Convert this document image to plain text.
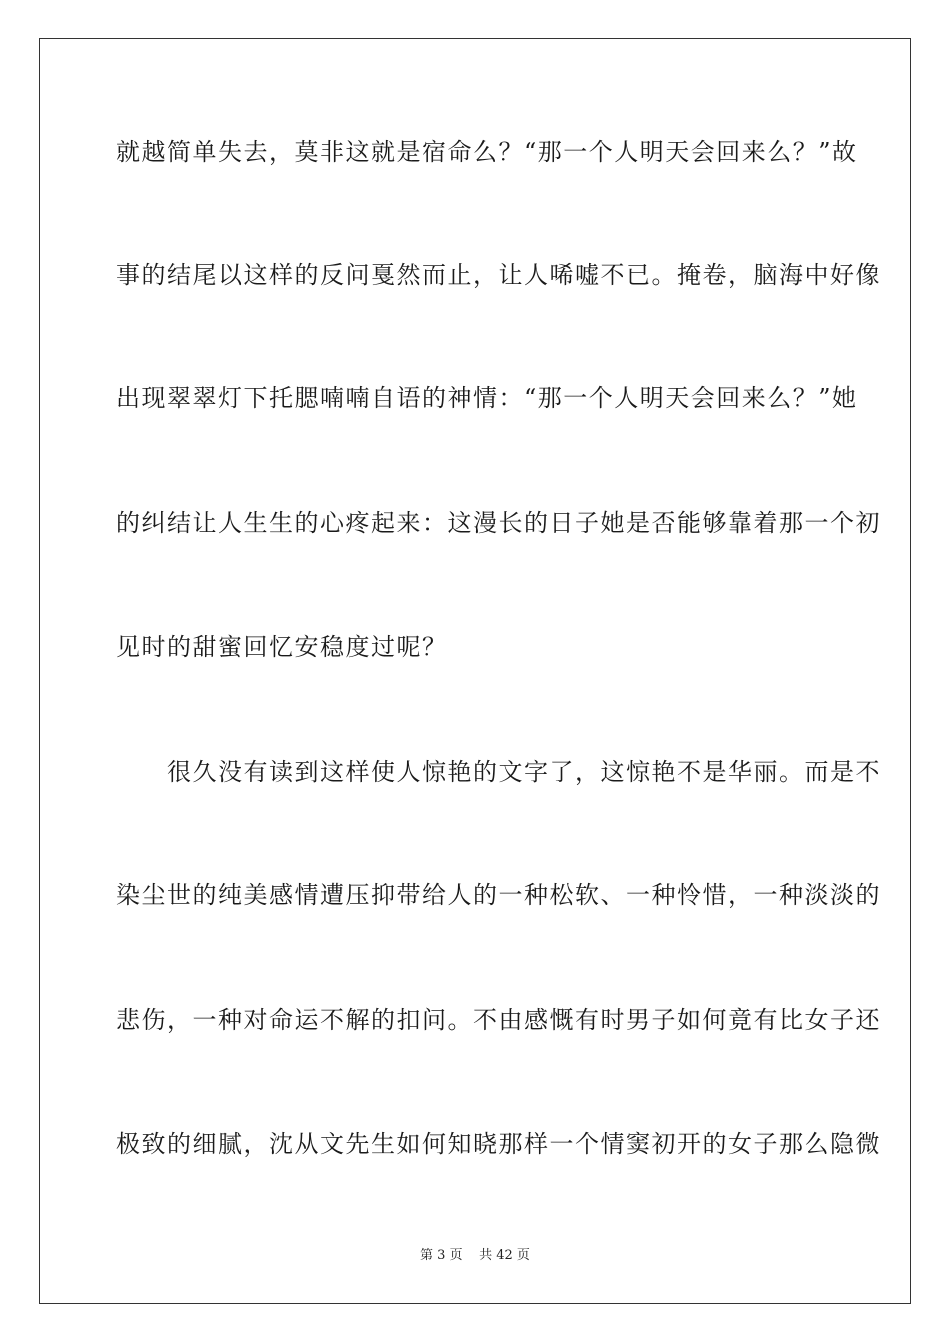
就越简单失去，莫非这就是宿命么？“那一个人明天会回来么？”故
事的结尾以这样的反问戛然而止，让人唏嘘不已。掩卷，脑海中好像
出现翠翠灯下托腮喃喃自语的神情：“那一个人明天会回来么？”她
的纠结让人生生的心疼起来：这漫长的日子她是否能够靠着那一个初
见时的甜蜜回忆安稳度过呢？
　　很久没有读到这样使人惊艳的文字了，这惊艳不是华丽。而是不
染尘世的纯美感情遭压抑带给人的一种松软、一种怜惜，一种淡淡的
悲伤，一种对命运不解的扣问。不由感慨有时男子如何竟有比女子还
极致的细腻，沈从文先生如何知晓那样一个情窦初开的女子那么隐微
第 3 页 共 42 页
